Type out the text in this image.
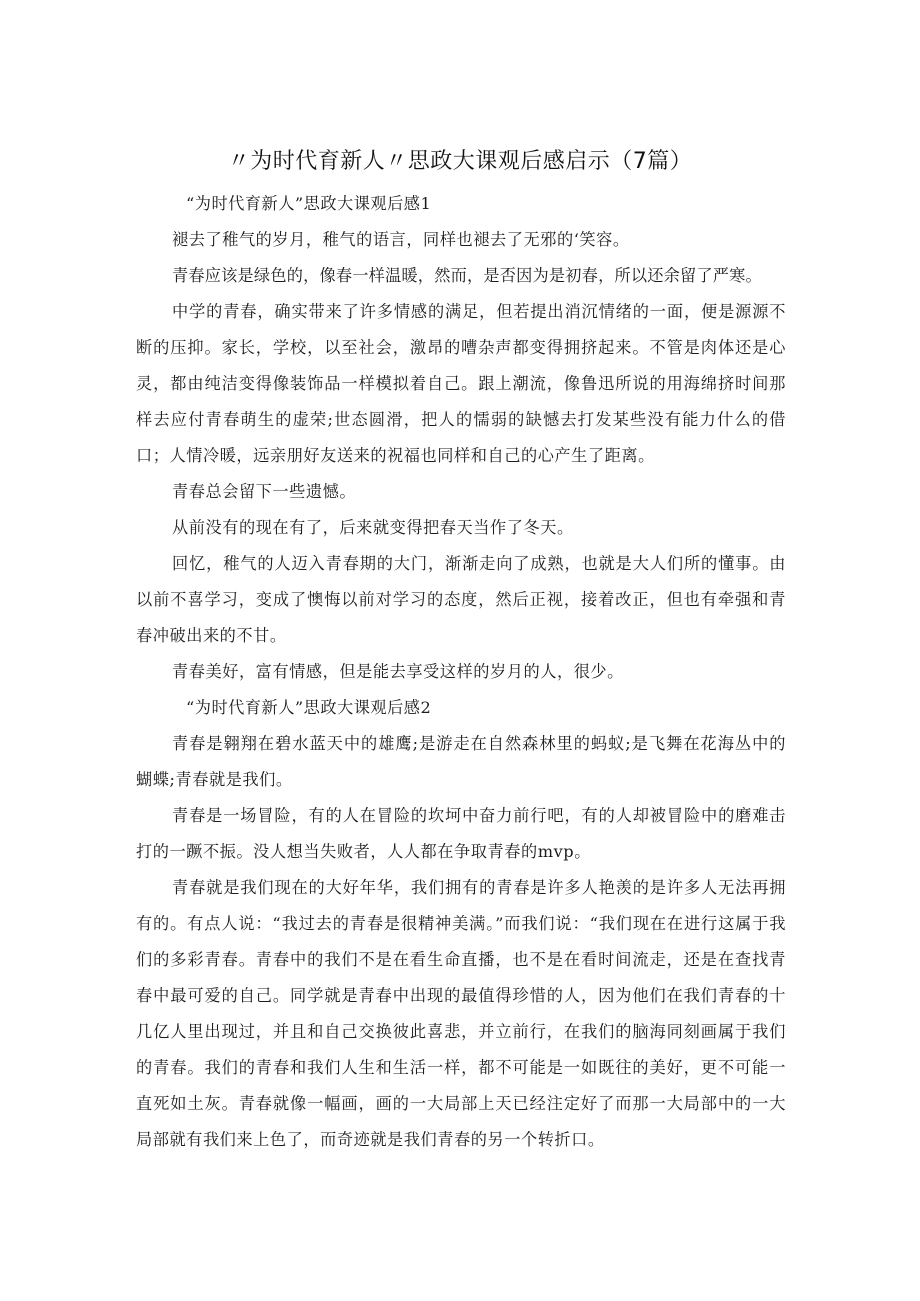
〃为时代育新人〃思政大课观后感启示（7篇）

“为时代育新人”思政大课观后感1

褪去了稚气的岁月，稚气的语言，同样也褪去了无邪的‘笑容。

青春应该是绿色的，像春一样温暖，然而，是否因为是初春，所以还余留了严寒。

中学的青春，确实带来了许多情感的满足，但若提出消沉情绪的一面，便是源源不断的压抑。家长，学校，以至社会，激昂的嘈杂声都变得拥挤起来。不管是肉体还是心灵，都由纯洁变得像装饰品一样模拟着自己。跟上潮流，像鲁迅所说的用海绵挤时间那样去应付青春萌生的虚荣;世态圆滑，把人的懦弱的缺憾去打发某些没有能力什么的借口；人情冷暖，远亲朋好友送来的祝福也同样和自己的心产生了距离。

青春总会留下一些遗憾。

从前没有的现在有了，后来就变得把春天当作了冬天。

回忆，稚气的人迈入青春期的大门，渐渐走向了成熟，也就是大人们所的懂事。由以前不喜学习，变成了懊悔以前对学习的态度，然后正视，接着改正，但也有牵强和青春冲破出来的不甘。

青春美好，富有情感，但是能去享受这样的岁月的人，很少。

“为时代育新人”思政大课观后感2

青春是翱翔在碧水蓝天中的雄鹰;是游走在自然森林里的蚂蚁;是飞舞在花海丛中的蝴蝶;青春就是我们。

青春是一场冒险，有的人在冒险的坎坷中奋力前行吧，有的人却被冒险中的磨难击打的一蹶不振。没人想当失败者，人人都在争取青春的mvp。

青春就是我们现在的大好年华，我们拥有的青春是许多人艳羡的是许多人无法再拥有的。有点人说：“我过去的青春是很精神美满。”而我们说：“我们现在在进行这属于我们的多彩青春。青春中的我们不是在看生命直播，也不是在看时间流走，还是在查找青春中最可爱的自己。同学就是青春中出现的最值得珍惜的人，因为他们在我们青春的十几亿人里出现过，并且和自己交换彼此喜悲，并立前行，在我们的脑海同刻画属于我们的青春。我们的青春和我们人生和生活一样，都不可能是一如既往的美好，更不可能一直死如土灰。青春就像一幅画，画的一大局部上天已经注定好了而那一大局部中的一大局部就有我们来上色了，而奇迹就是我们青春的另一个转折口。
